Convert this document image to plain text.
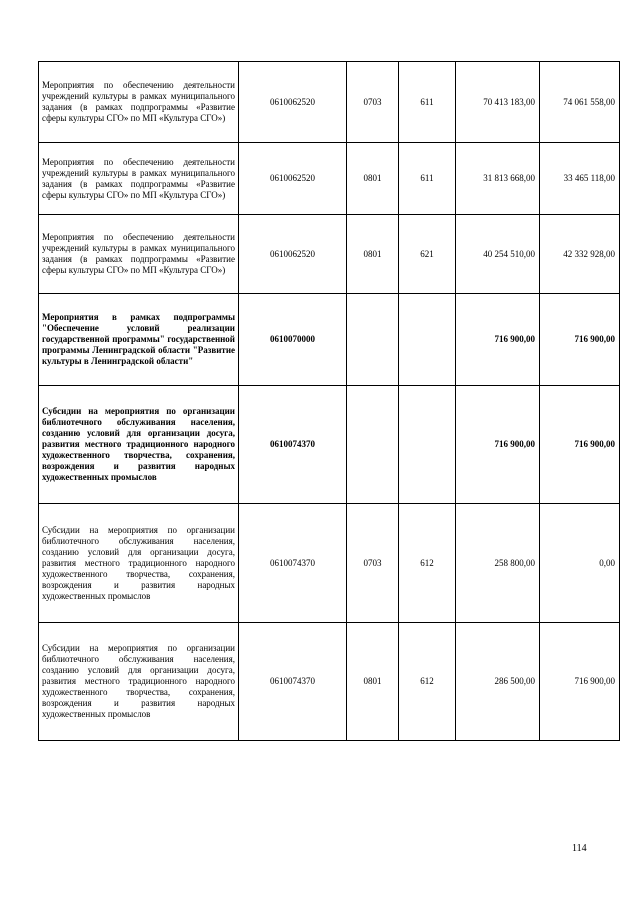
Мероприятия по обеспечению деятельности учреждений культуры в рамках муниципального задания (в рамках подпрограммы «Развитие сферы культуры СГО» по МП «Культура СГО»)	0610062520	0703	611	70 413 183,00	74 061 558,00
Мероприятия по обеспечению деятельности учреждений культуры в рамках муниципального задания (в рамках подпрограммы «Развитие сферы культуры СГО» по МП «Культура СГО»)	0610062520	0801	611	31 813 668,00	33 465 118,00
Мероприятия по обеспечению деятельности учреждений культуры в рамках муниципального задания (в рамках подпрограммы «Развитие сферы культуры СГО» по МП «Культура СГО»)	0610062520	0801	621	40 254 510,00	42 332 928,00
Мероприятия в рамках подпрограммы "Обеспечение условий реализации государственной программы" государственной программы Ленинградской области "Развитие культуры в Ленинградской области"	0610070000			716 900,00	716 900,00
Субсидии на мероприятия по организации библиотечного обслуживания населения, созданию условий для организации досуга, развития местного традиционного народного художественного творчества, сохранения, возрождения и развития народных художественных промыслов	0610074370			716 900,00	716 900,00
Субсидии на мероприятия по организации библиотечного обслуживания населения, созданию условий для организации досуга, развития местного традиционного народного художественного творчества, сохранения, возрождения и развития народных художественных промыслов	0610074370	0703	612	258 800,00	0,00
Субсидии на мероприятия по организации библиотечного обслуживания населения, созданию условий для организации досуга, развития местного традиционного народного художественного творчества, сохранения, возрождения и развития народных художественных промыслов	0610074370	0801	612	286 500,00	716 900,00
114
